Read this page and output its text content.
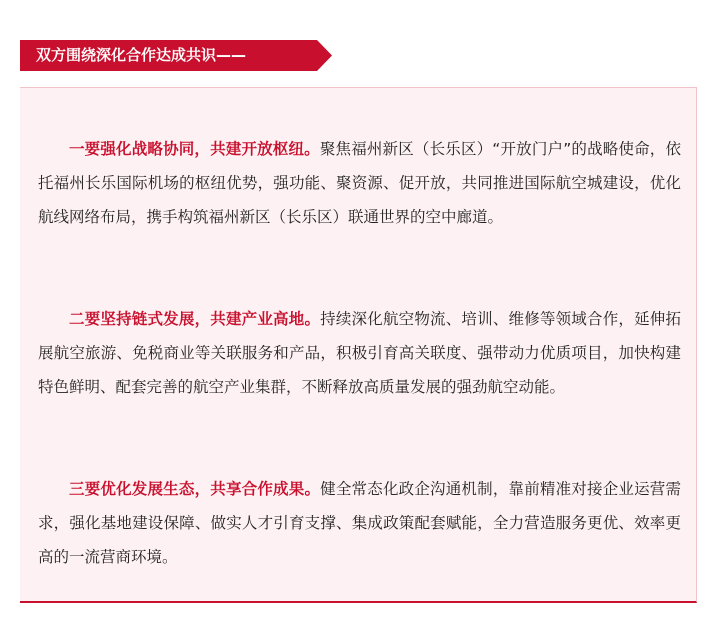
双方围绕深化合作达成共识——

一要强化战略协同，共建开放枢纽。聚焦福州新区（长乐区）“开放门户”的战略使命，依托福州长乐国际机场的枢纽优势，强功能、聚资源、促开放，共同推进国际航空城建设，优化航线网络布局，携手构筑福州新区（长乐区）联通世界的空中廊道。

二要坚持链式发展，共建产业高地。持续深化航空物流、培训、维修等领域合作，延伸拓展航空旅游、免税商业等关联服务和产品，积极引育高关联度、强带动力优质项目，加快构建特色鲜明、配套完善的航空产业集群，不断释放高质量发展的强劲航空动能。

三要优化发展生态，共享合作成果。健全常态化政企沟通机制，靠前精准对接企业运营需求，强化基地建设保障、做实人才引育支撑、集成政策配套赋能，全力营造服务更优、效率更高的一流营商环境。
